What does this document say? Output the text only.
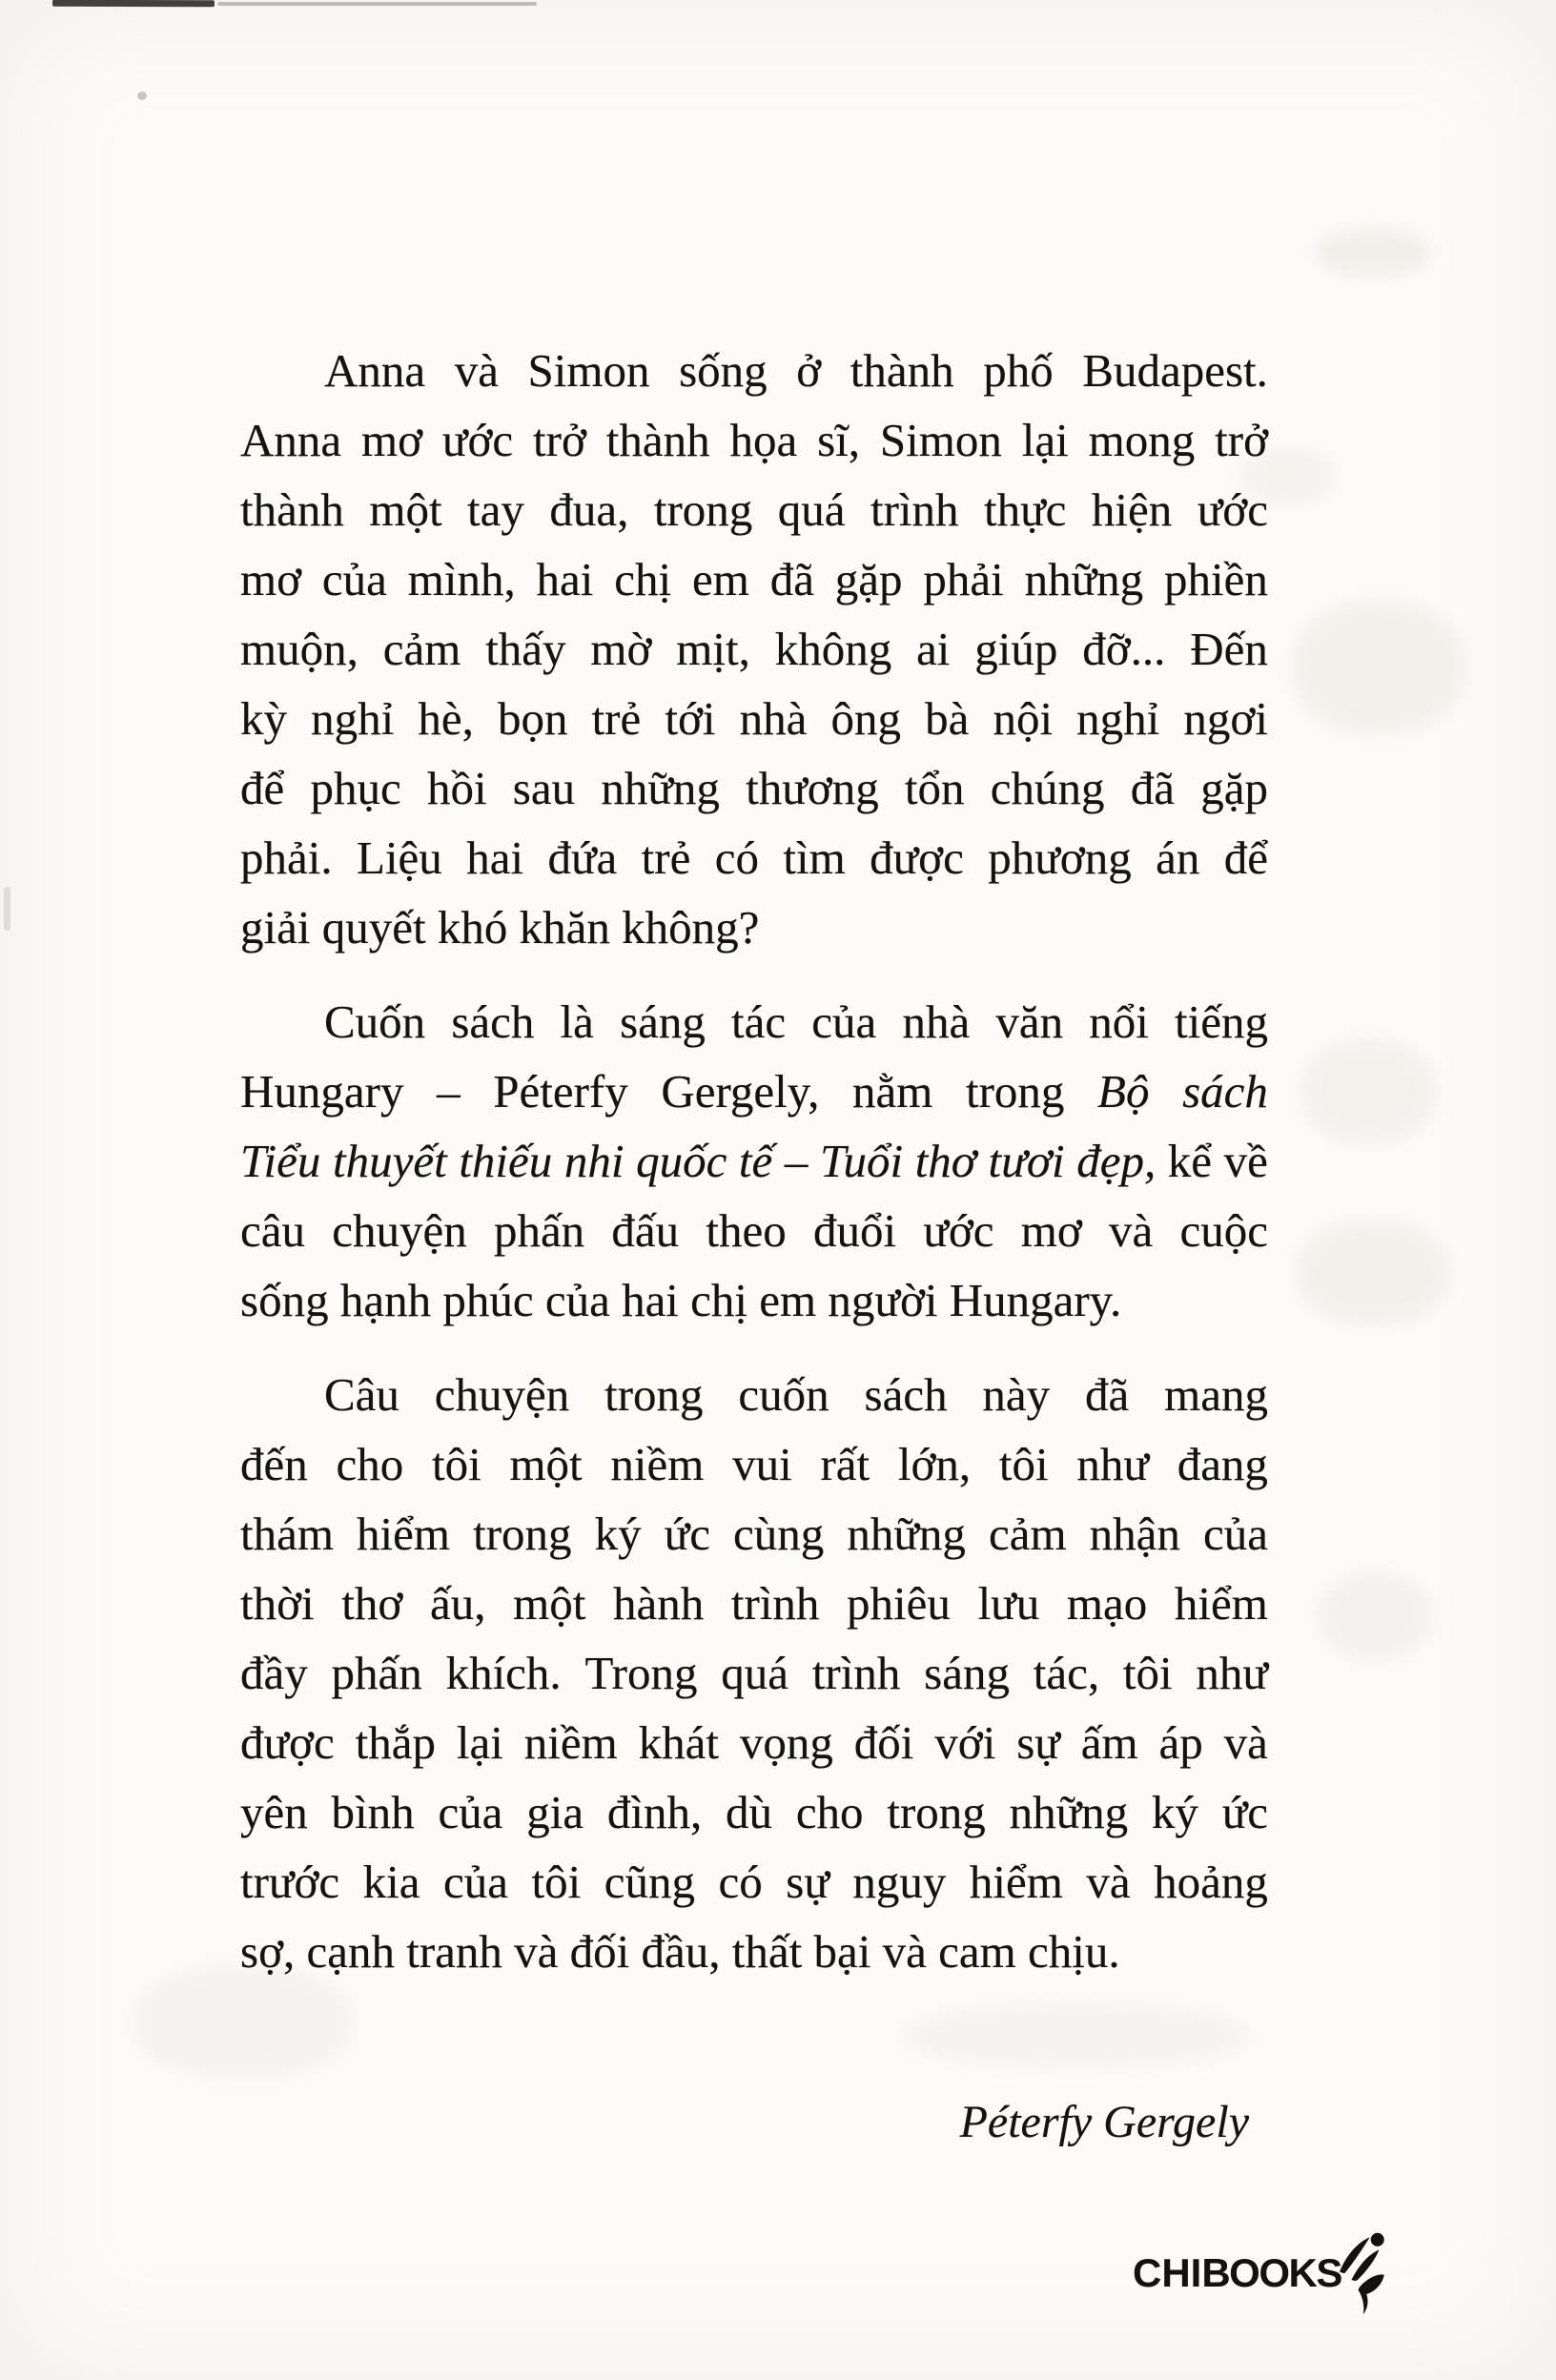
Anna và Simon sống ở thành phố Budapest.
Anna mơ ước trở thành họa sĩ, Simon lại mong trở
thành một tay đua, trong quá trình thực hiện ước
mơ của mình, hai chị em đã gặp phải những phiền
muộn, cảm thấy mờ mịt, không ai giúp đỡ... Đến
kỳ nghỉ hè, bọn trẻ tới nhà ông bà nội nghỉ ngơi
để phục hồi sau những thương tổn chúng đã gặp
phải. Liệu hai đứa trẻ có tìm được phương án để
giải quyết khó khăn không?
Cuốn sách là sáng tác của nhà văn nổi tiếng
Hungary – Péterfy Gergely, nằm trong Bộ sách
Tiểu thuyết thiếu nhi quốc tế – Tuổi thơ tươi đẹp, kể về
câu chuyện phấn đấu theo đuổi ước mơ và cuộc
sống hạnh phúc của hai chị em người Hungary.
Câu chuyện trong cuốn sách này đã mang
đến cho tôi một niềm vui rất lớn, tôi như đang
thám hiểm trong ký ức cùng những cảm nhận của
thời thơ ấu, một hành trình phiêu lưu mạo hiểm
đầy phấn khích. Trong quá trình sáng tác, tôi như
được thắp lại niềm khát vọng đối với sự ấm áp và
yên bình của gia đình, dù cho trong những ký ức
trước kia của tôi cũng có sự nguy hiểm và hoảng
sợ, cạnh tranh và đối đầu, thất bại và cam chịu.
Péterfy Gergely
CHI BOOKS
